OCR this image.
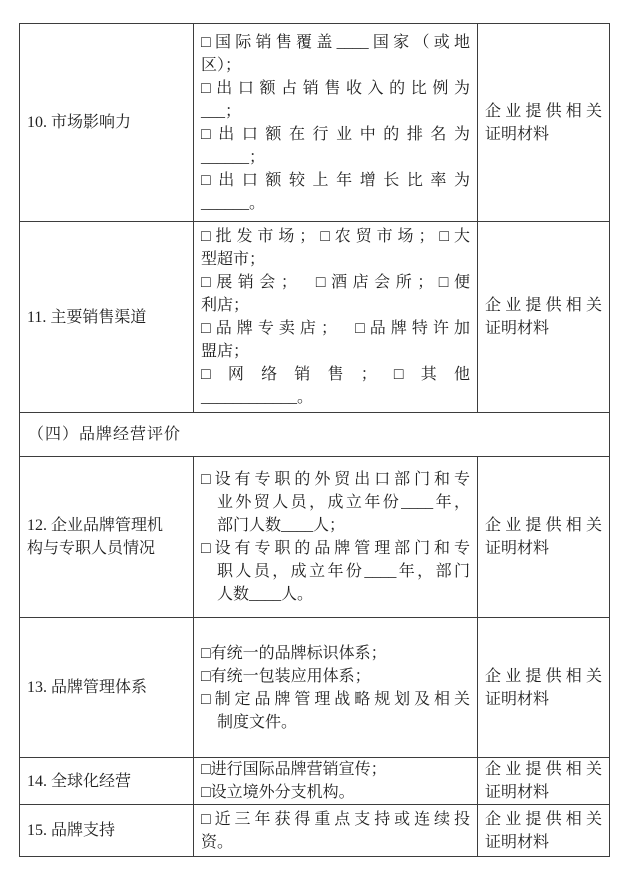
10. 市场影响力
□国际销售覆盖____国家（或地
区）；
□出口额占销售收入的比例为
___；
□出口额在行业中的排名为
______；
□出口额较上年增长比率为
______。
企业提供相关
证明材料
11. 主要销售渠道
□批发市场；□农贸市场；□大
型超市；
□展销会；　□酒店会所；□便
利店；
□品牌专卖店；　□品牌特许加
盟店；
□网络销售；□其他
____________。
企业提供相关
证明材料
（四）品牌经营评价
12. 企业品牌管理机
构与专职人员情况
□设有专职的外贸出口部门和专
业外贸人员，成立年份____年，
部门人数____人；
□设有专职的品牌管理部门和专
职人员，成立年份____年，部门
人数____人。
企业提供相关
证明材料
13. 品牌管理体系
□有统一的品牌标识体系；
□有统一包装应用体系；
□制定品牌管理战略规划及相关
制度文件。
企业提供相关
证明材料
14. 全球化经营
□进行国际品牌营销宣传；
□设立境外分支机构。
企业提供相关
证明材料
15. 品牌支持
□近三年获得重点支持或连续投
资。
企业提供相关
证明材料
